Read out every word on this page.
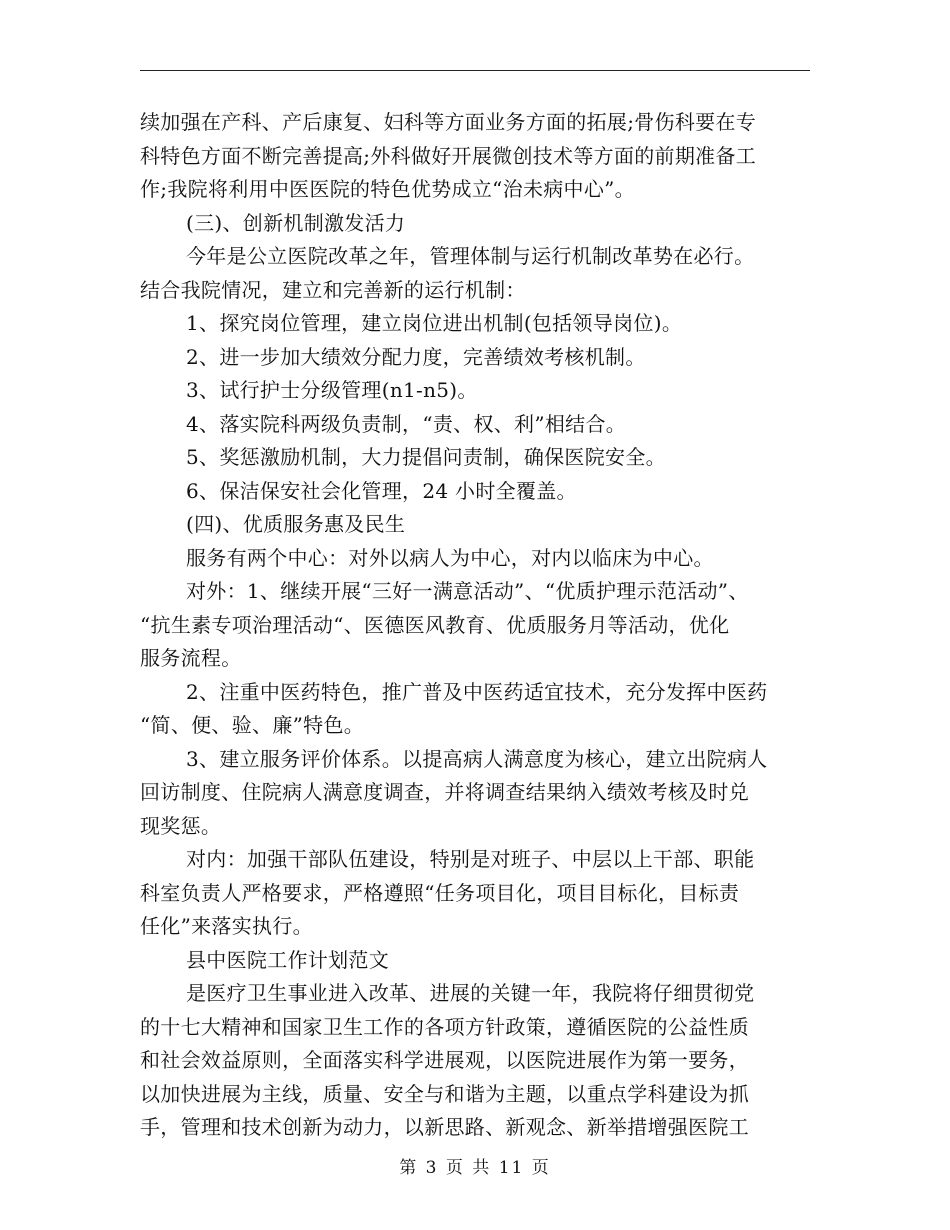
续加强在产科、产后康复、妇科等方面业务方面的拓展;骨伤科要在专
科特色方面不断完善提高;外科做好开展微创技术等方面的前期准备工
作;我院将利用中医医院的特色优势成立“治未病中心”。
(三)、创新机制激发活力
今年是公立医院改革之年，管理体制与运行机制改革势在必行。
结合我院情况，建立和完善新的运行机制：
1、探究岗位管理，建立岗位进出机制(包括领导岗位)。
2、进一步加大绩效分配力度，完善绩效考核机制。
3、试行护士分级管理(n1-n5)。
4、落实院科两级负责制，“责、权、利”相结合。
5、奖惩激励机制，大力提倡问责制，确保医院安全。
6、保洁保安社会化管理，24 小时全覆盖。
(四)、优质服务惠及民生
服务有两个中心：对外以病人为中心，对内以临床为中心。
对外：1、继续开展“三好一满意活动”、“优质护理示范活动”、
“抗生素专项治理活动“、医德医风教育、优质服务月等活动，优化
服务流程。
2、注重中医药特色，推广普及中医药适宜技术，充分发挥中医药
“简、便、验、廉”特色。
3、建立服务评价体系。以提高病人满意度为核心，建立出院病人
回访制度、住院病人满意度调查，并将调查结果纳入绩效考核及时兑
现奖惩。
对内：加强干部队伍建设，特别是对班子、中层以上干部、职能
科室负责人严格要求，严格遵照“任务项目化，项目目标化，目标责
任化”来落实执行。
县中医院工作计划范文
是医疗卫生事业进入改革、进展的关键一年，我院将仔细贯彻党
的十七大精神和国家卫生工作的各项方针政策，遵循医院的公益性质
和社会效益原则，全面落实科学进展观，以医院进展作为第一要务，
以加快进展为主线，质量、安全与和谐为主题，以重点学科建设为抓
手，管理和技术创新为动力，以新思路、新观念、新举措增强医院工
第 3 页 共 11 页
